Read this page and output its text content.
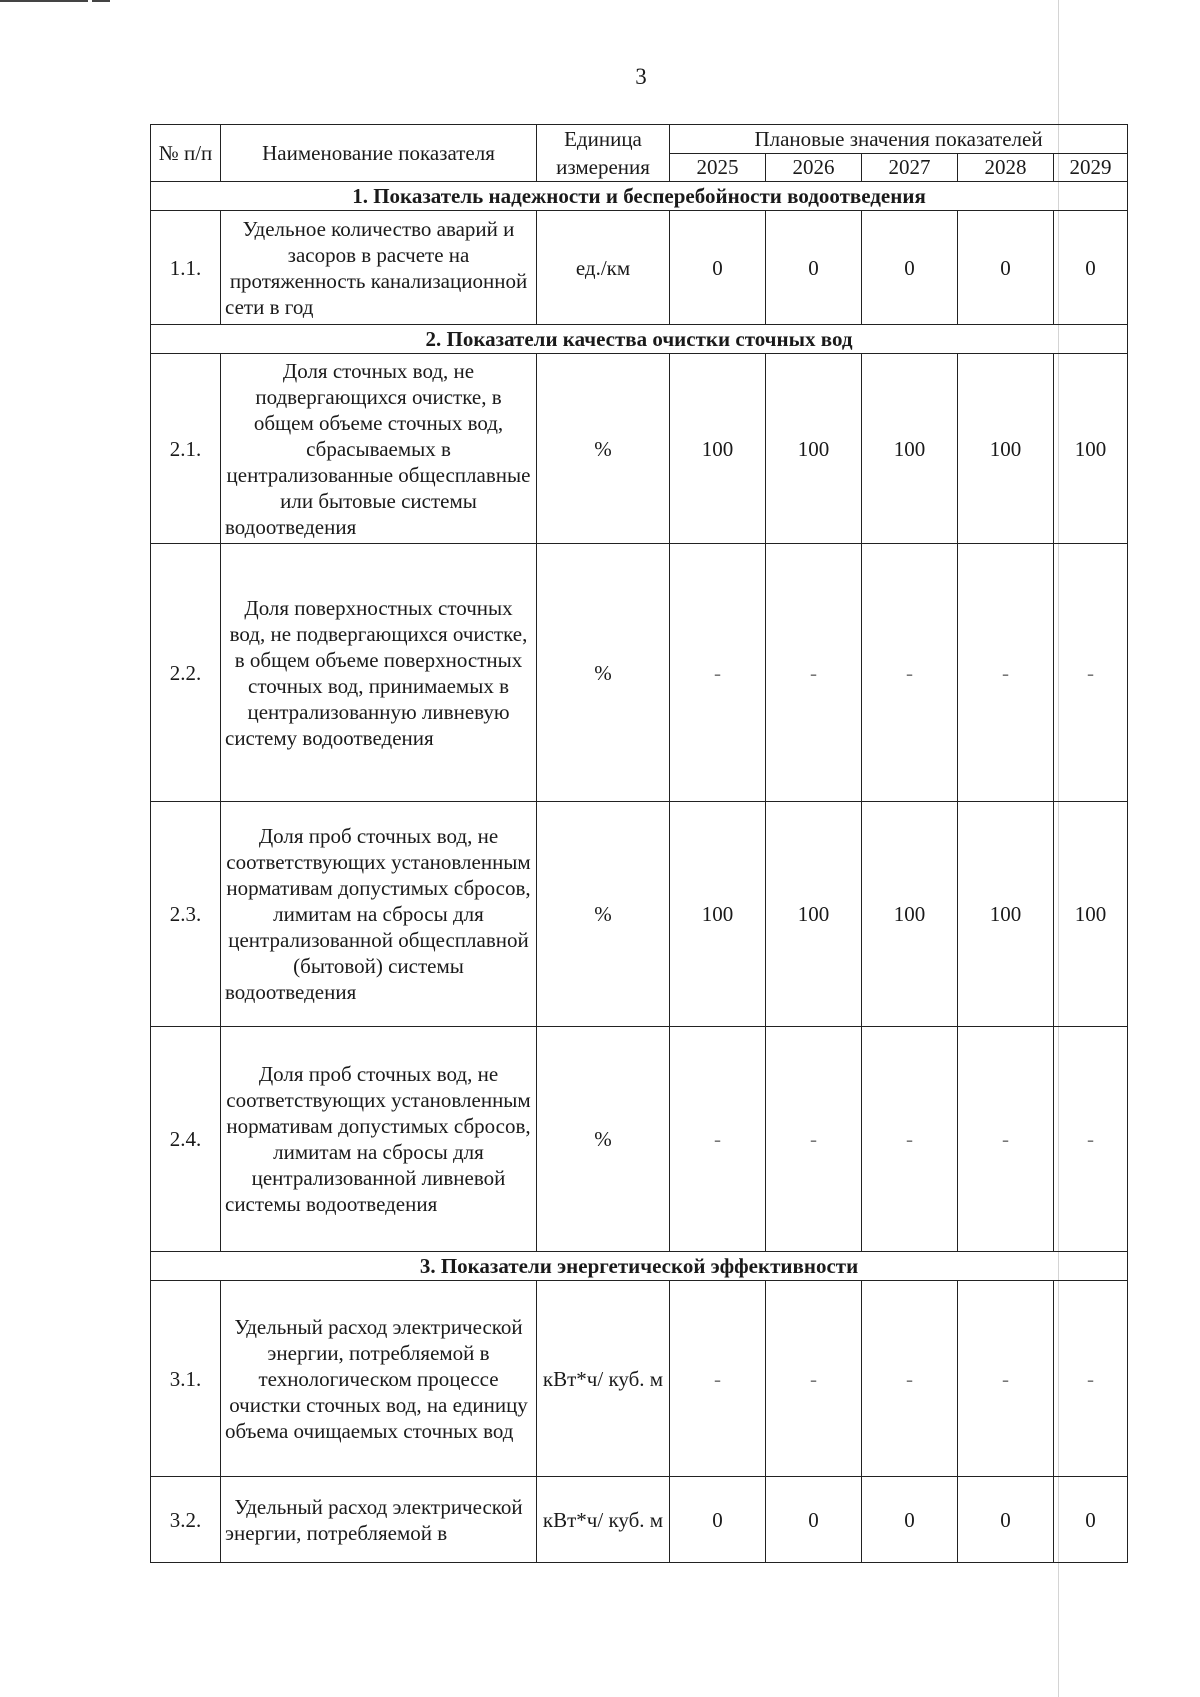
3
№ п/п	Наименование показателя	Единица измерения	Плановые значения показателей				
			2025	2026	2027	2028	2029
1. Показатель надежности и бесперебойности водоотведения							
1.1.	Удельное количество аварий и засоров в расчете на протяженность канализационной сети в год	ед./км	0	0	0	0	0
2. Показатели качества очистки сточных вод							
2.1.	Доля сточных вод, не подвергающихся очистке, в общем объеме сточных вод, сбрасываемых в централизованные общесплавные или бытовые системы водоотведения	%	100	100	100	100	100
2.2.	Доля поверхностных сточных вод, не подвергающихся очистке, в общем объеме поверхностных сточных вод, принимаемых в централизованную ливневую систему водоотведения	%	-	-	-	-	-
2.3.	Доля проб сточных вод, не соответствующих установленным нормативам допустимых сбросов, лимитам на сбросы для централизованной общесплавной (бытовой) системы водоотведения	%	100	100	100	100	100
2.4.	Доля проб сточных вод, не соответствующих установленным нормативам допустимых сбросов, лимитам на сбросы для централизованной ливневой системы водоотведения	%	-	-	-	-	-
3. Показатели энергетической эффективности							
3.1.	Удельный расход электрической энергии, потребляемой в технологическом процессе очистки сточных вод, на единицу объема очищаемых сточных вод	кВт*ч/ куб. м	-	-	-	-	-
3.2.	Удельный расход электрической энергии, потребляемой в	кВт*ч/ куб. м	0	0	0	0	0
